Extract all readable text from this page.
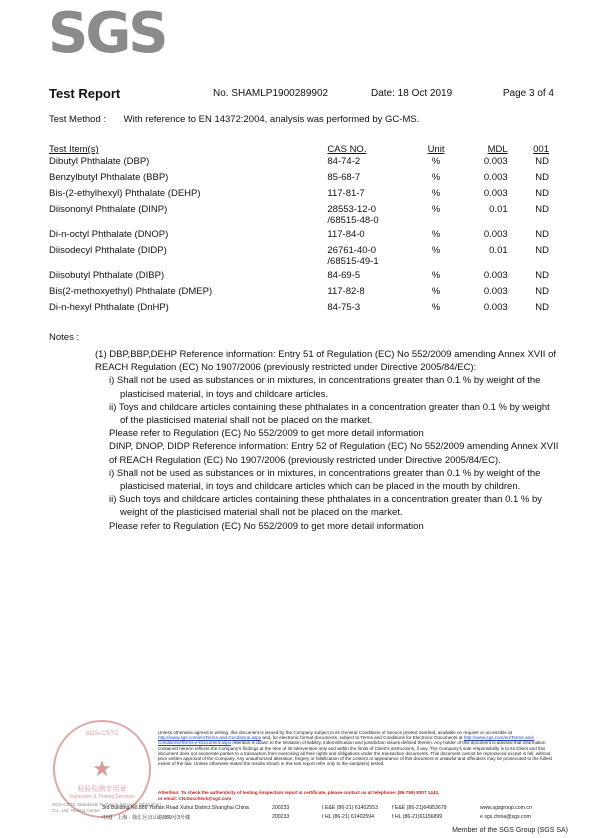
SGS
Test Report	No. SHAMLP1900289902	Date: 18 Oct 2019	Page 3 of 4
Test Method : With reference to EN 14372:2004, analysis was performed by GC-MS.
Test Item(s)	CAS NO.	Unit	MDL	001
Dibutyl Phthalate (DBP)	84-74-2	%	0.003	ND
Benzylbutyl Phthalate (BBP)	85-68-7	%	0.003	ND
Bis-(2-ethylhexyl) Phthalate (DEHP)	117-81-7	%	0.003	ND
Diisononyl Phthalate (DINP)	28553-12-0
/68515-48-0	%	0.01	ND
Di-n-octyl Phthalate (DNOP)	117-84-0	%	0.003	ND
Diisodecyl Phthalate (DIDP)	26761-40-0
/68515-49-1	%	0.01	ND
Diisobutyl Phthalate (DIBP)	84-69-5	%	0.003	ND
Bis(2-methoxyethyl) Phthalate (DMEP)	117-82-8	%	0.003	ND
Di-n-hexyl Phthalate (DnHP)	84-75-3	%	0.003	ND
Notes :

(1) DBP,BBP,DEHP Reference information: Entry 51 of Regulation (EC) No 552/2009 amending Annex XVII of REACH Regulation (EC) No 1907/2006 (previously restricted under Directive 2005/84/EC):

i) Shall not be used as substances or in mixtures, in concentrations greater than 0.1 % by weight of the plasticised material, in toys and childcare articles.

ii) Toys and childcare articles containing these phthalates in a concentration greater than 0.1 % by weight of the plasticised material shall not be placed on the market.

Please refer to Regulation (EC) No 552/2009 to get more detail information

DINP, DNOP, DIDP Reference information: Entry 52 of Regulation (EC) No 552/2009 amending Annex XVII of REACH Regulation (EC) No 1907/2006 (previously restricted under Directive 2005/84/EC).

i) Shall not be used as substances or in mixtures, in concentrations greater than 0.1 % by weight of the plasticised material, in toys and childcare articles which can be placed in the mouth by children.

ii) Such toys and childcare articles containing these phthalates in a concentration greater than 0.1 % by weight of the plasticised material shall not be placed on the market.

Please refer to Regulation (EC) No 552/2009 to get more detail information

SGS-CSTC
★
检验检测专用章
Inspection & Testing Services
SGS-CSTC Standards Technical Services (Shanghai) Co., Ltd. Testing Center
Unless otherwise agreed in writing, this document is issued by the Company subject to its General Conditions of Service printed overleaf, available on request or accessible at http://www.sgs.com/en/Terms-and-Conditions.aspx and, for electronic format documents, subject to Terms and Conditions for Electronic Documents at http://www.sgs.com/en/Terms-and-Conditions/Terms-e-Document.aspx Attention is drawn to the limitation of liability, indemnification and jurisdiction issues defined therein. Any holder of this document is advised that information contained hereon reflects the Company's findings at the time of its intervention only and within the limits of Client's instructions, if any. The Company's sole responsibility is to its Client and this document does not exonerate parties to a transaction from exercising all their rights and obligations under the transaction documents. This document cannot be reproduced except in full, without prior written approval of the Company. Any unauthorized alteration, forgery or falsification of the content or appearance of this document is unlawful and offenders may be prosecuted to the fullest extent of the law. Unless otherwise stated the results shown in this test report refer only to the sample(s) tested.
Attention: To check the authenticity of testing /inspection report & certificate, please contact us at telephone: (86-755) 8307 1443,
or email: CN.Doccheck@sgs.com
3rd Building,No.889 Yishan Road Xuhui District,Shanghai China	200233	t E&E (86-21) 61402553	f E&E (86-21)64953679	www.sgsgroup.com.cn
中国 · 上海 · 徐汇区宜山路889号3号楼	200233	t HL (86-21) 61402594	f HL (86-21)61156899	e sgs.china@sgs.com
Member of the SGS Group (SGS SA)
